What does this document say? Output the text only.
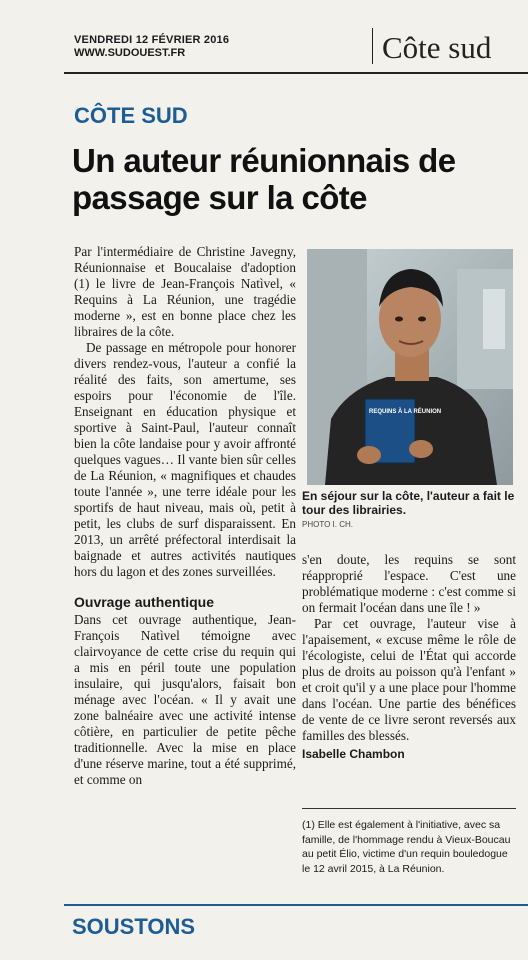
VENDREDI 12 FÉVRIER 2016
WWW.SUDOUEST.FR	Côte sud
CÔTE SUD
Un auteur réunionnais de passage sur la côte

Par l'intermédiaire de Christine Javegny, Réunionnaise et Boucalaise d'adoption (1) le livre de Jean-François Natìvel, « Requins à La Réunion, une tragédie moderne », est en bonne place chez les libraires de la côte.

De passage en métropole pour honorer divers rendez-vous, l'auteur a confié la réalité des faits, son amertume, ses espoirs pour l'économie de l'île. Enseignant en éducation physique et sportive à Saint-Paul, l'auteur connaît bien la côte landaise pour y avoir affronté quelques vagues… Il vante bien sûr celles de La Réunion, « magnifiques et chaudes toute l'année », une terre idéale pour les sportifs de haut niveau, mais où, petit à petit, les clubs de surf disparaissent. En 2013, un arrêté préfectoral interdisait la baignade et autres activités nautiques hors du lagon et des zones surveillées.

Ouvrage authentique

Dans cet ouvrage authentique, Jean-François Natìvel témoigne avec clairvoyance de cette crise du requin qui a mis en péril toute une population insulaire, qui jusqu'alors, faisait bon ménage avec l'océan. « Il y avait une zone balnéaire avec une activité intense côtière, en particulier de petite pêche traditionnelle. Avec la mise en place d'une réserve marine, tout a été supprimé, et comme on

REQUINS À LA RÉUNION
En séjour sur la côte, l'auteur a fait le tour des librairies.
PHOTO I. CH.

s'en doute, les requins se sont réapproprié l'espace. C'est une problématique moderne : c'est comme si on fermait l'océan dans une île ! »

Par cet ouvrage, l'auteur vise à l'apaisement, « excuse même le rôle de l'écologiste, celui de l'État qui accorde plus de droits au poisson qu'à l'enfant » et croit qu'il y a une place pour l'homme dans l'océan. Une partie des bénéfices de vente de ce livre seront reversés aux familles des blessés.

Isabelle Chambon
(1) Elle est également à l'initiative, avec sa famille, de l'hommage rendu à Vieux-Boucau au petit Élio, victime d'un requin bouledogue le 12 avril 2015, à La Réunion.
SOUSTONS
